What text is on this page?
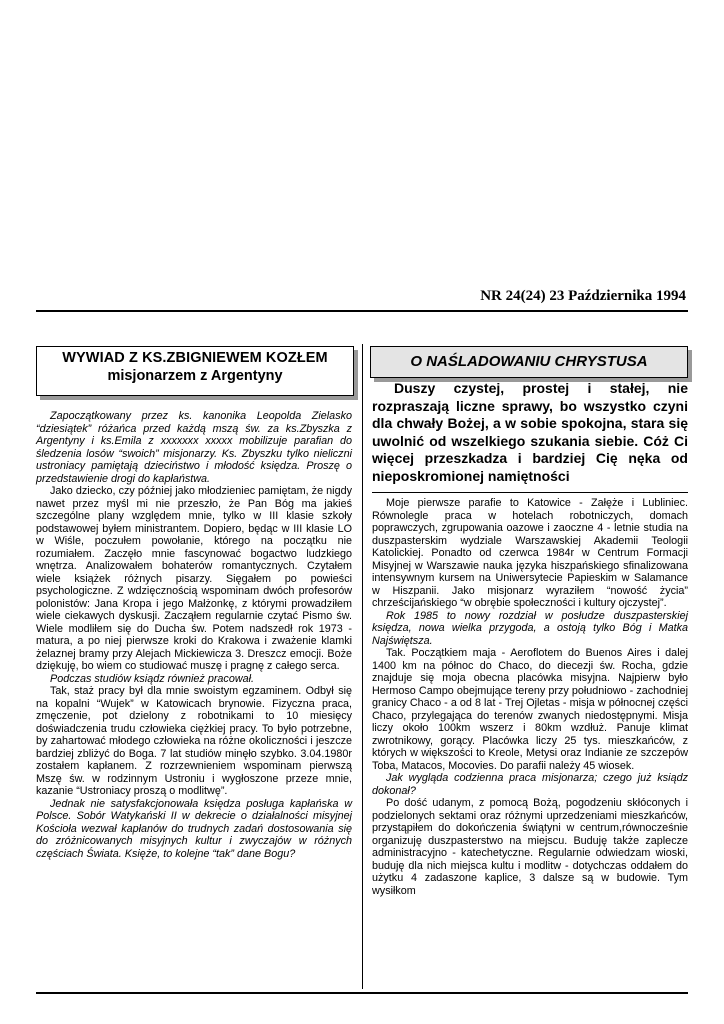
NR 24(24) 23 Października 1994
WYWIAD Z KS.ZBIGNIEWEM KOZŁEM
misjonarzem z Argentyny
O NAŚLADOWANIU CHRYSTUSA
Duszy czystej, prostej i stałej, nie rozpraszają liczne sprawy, bo wszystko czyni dla chwały Bożej, a w sobie spokojna, stara się uwolnić od wszelkiego szukania siebie. Cóż Ci więcej przeszkadza i bardziej Cię nęka od nieposkromionej namiętności

Zapoczątkowany przez ks. kanonika Leopolda Zielasko “dziesiątek” różańca przed każdą mszą św. za ks.Zbyszka z Argentyny i ks.Emila z xxxxxxx xxxxx mobilizuje parafian do śledzenia losów “swoich” misjonarzy. Ks. Zbyszku tylko nieliczni ustroniacy pamiętają dzieciństwo i młodość księdza. Proszę o przedstawienie drogi do kapłaństwa.

Jako dziecko, czy później jako młodzieniec pamiętam, że nigdy nawet przez myśl mi nie przeszło, że Pan Bóg ma jakieś szczególne plany względem mnie, tylko w III klasie szkoły podstawowej byłem ministrantem. Dopiero, będąc w III klasie LO w Wiśle, poczułem powołanie, którego na początku nie rozumiałem. Zaczęło mnie fascynować bogactwo ludzkiego wnętrza. Analizowałem bohaterów romantycznych. Czytałem wiele książek różnych pisarzy. Sięgałem po powieści psychologiczne. Z wdzięcznością wspominam dwóch profesorów polonistów: Jana Kropa i jego Małżonkę, z którymi prowadziłem wiele ciekawych dyskusji. Zacząłem regularnie czytać Pismo św. Wiele modliłem się do Ducha św. Potem nadszedł rok 1973 - matura, a po niej pierwsze kroki do Krakowa i zważenie klamki żelaznej bramy przy Alejach Mickiewicza 3. Dreszcz emocji. Boże dziękuję, bo wiem co studiować muszę i pragnę z całego serca.

Podczas studiów ksiądz również pracował.

Tak, staż pracy był dla mnie swoistym egzaminem. Odbył się na kopalni “Wujek” w Katowicach brynowie. Fizyczna praca, zmęczenie, pot dzielony z robotnikami to 10 miesięcy doświadczenia trudu człowieka ciężkiej pracy. To było potrzebne, by zahartować młodego człowieka na różne okoliczności i jeszcze bardziej zbliżyć do Boga. 7 lat studiów minęło szybko. 3.04.1980r zostałem kapłanem. Z rozrzewnieniem wspominam pierwszą Mszę św. w rodzinnym Ustroniu i wygłoszone przeze mnie, kazanie “Ustroniacy proszą o modlitwę”.

Jednak nie satysfakcjonowała księdza posługa kapłańska w Polsce. Sobór Watykański II w dekrecie o działalności misyjnej Kościoła wezwał kapłanów do trudnych zadań dostosowania się do zróżnicowanych misyjnych kultur i zwyczajów w różnych częściach Świata. Księże, to kolejne “tak” dane Bogu?

Moje pierwsze parafie to Katowice - Załęże i Lubliniec. Równolegle praca w hotelach robotniczych, domach poprawczych, zgrupowania oazowe i zaoczne 4 - letnie studia na duszpasterskim wydziale Warszawskiej Akademii Teologii Katolickiej. Ponadto od czerwca 1984r w Centrum Formacji Misyjnej w Warszawie nauka języka hiszpańskiego sfinalizowana intensywnym kursem na Uniwersytecie Papieskim w Salamance w Hiszpanii. Jako misjonarz wyraziłem “nowość życia” chrześcijańskiego “w obrębie społeczności i kultury ojczystej”.

Rok 1985 to nowy rozdział w posłudze duszpasterskiej księdza, nowa wielka przygoda, a ostoją tylko Bóg i Matka Najświętsza.

Tak. Początkiem maja - Aeroflotem do Buenos Aires i dalej 1400 km na północ do Chaco, do diecezji św. Rocha, gdzie znajduje się moja obecna placówka misyjna. Najpierw było Hermoso Campo obejmujące tereny przy południowo - zachodniej granicy Chaco - a od 8 lat - Trej Ojletas - misja w północnej części Chaco, przylegająca do terenów zwanych niedostępnymi. Misja liczy około 100km wszerz i 80km wzdłuż. Panuje klimat zwrotnikowy, gorący. Placówka liczy 25 tys. mieszkańców, z których w większości to Kreole, Metysi oraz Indianie ze szczepów Toba, Matacos, Mocovies. Do parafii należy 45 wiosek.

Jak wygląda codzienna praca misjonarza; czego już ksiądz dokonał?

Po dość udanym, z pomocą Bożą, pogodzeniu skłóconych i podzielonych sektami oraz różnymi uprzedzeniami mieszkańców, przystąpiłem do dokończenia świątyni w centrum,równocześnie organizuję duszpasterstwo na miejscu. Buduję także zaplecze administracyjno - katechetyczne. Regularnie odwiedzam wioski, buduję dla nich miejsca kultu i modlitw - dotychczas oddałem do użytku 4 zadaszone kaplice, 3 dalsze są w budowie. Tym wysiłkom
